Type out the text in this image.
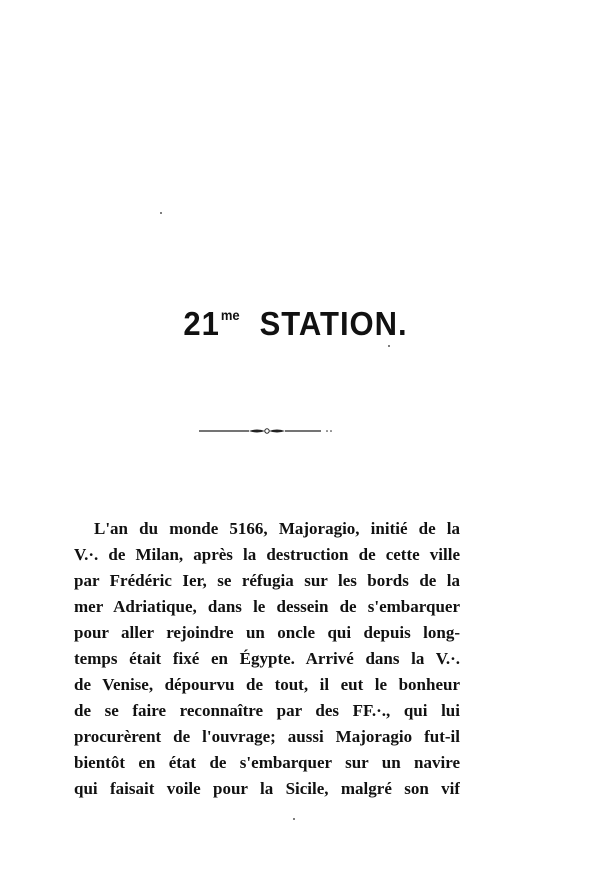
$21^{me}$ STATION.
L'an du monde 5166, Majoragio, initié de la
V.·. de Milan, après la destruction de cette ville
par Frédéric Ier, se réfugia sur les bords de la
mer Adriatique, dans le dessein de s'embarquer
pour aller rejoindre un oncle qui depuis long-
temps était fixé en Égypte. Arrivé dans la V.·.
de Venise, dépourvu de tout, il eut le bonheur
de se faire reconnaître par des FF.·., qui lui
procurèrent de l'ouvrage; aussi Majoragio fut-il
bientôt en état de s'embarquer sur un navire
qui faisait voile pour la Sicile, malgré son vif
